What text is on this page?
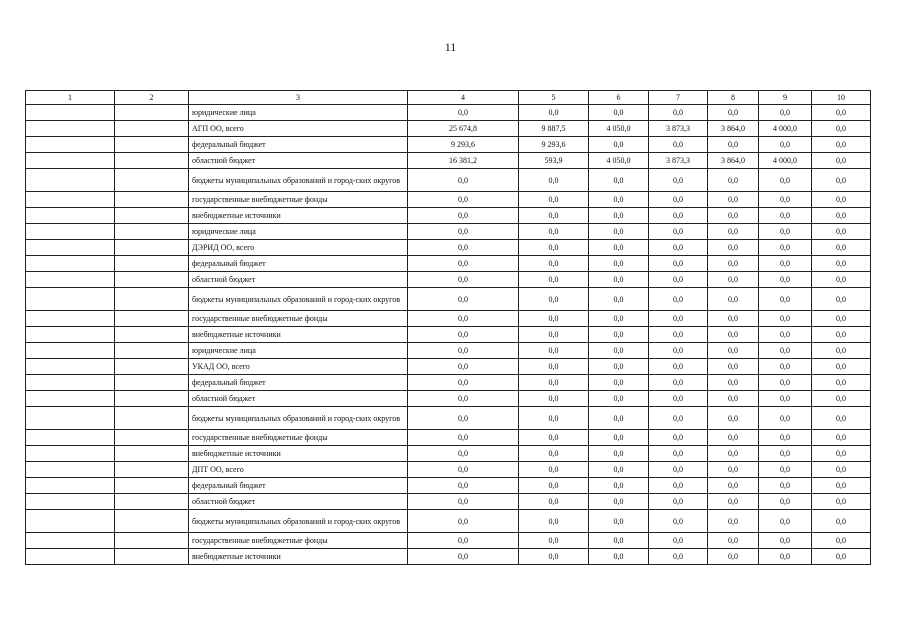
11
1	2	3	4	5	6	7	8	9	10
		юридические лица	0,0	0,0	0,0	0,0	0,0	0,0	0,0
		АГП ОО, всего	25 674,8	9 887,5	4 050,0	3 873,3	3 864,0	4 000,0	0,0
		федеральный бюджет	9 293,6	9 293,6	0,0	0,0	0,0	0,0	0,0
		областной бюджет	16 381,2	593,9	4 050,0	3 873,3	3 864,0	4 000,0	0,0
		бюджеты муниципальных образований и город-ских округов	0,0	0,0	0,0	0,0	0,0	0,0	0,0
		государственные внебюджетные фонды	0,0	0,0	0,0	0,0	0,0	0,0	0,0
		внебюджетные источники	0,0	0,0	0,0	0,0	0,0	0,0	0,0
		юридические лица	0,0	0,0	0,0	0,0	0,0	0,0	0,0
		ДЭРИД ОО, всего	0,0	0,0	0,0	0,0	0,0	0,0	0,0
		федеральный бюджет	0,0	0,0	0,0	0,0	0,0	0,0	0,0
		областной бюджет	0,0	0,0	0,0	0,0	0,0	0,0	0,0
		бюджеты муниципальных образований и город-ских округов	0,0	0,0	0,0	0,0	0,0	0,0	0,0
		государственные внебюджетные фонды	0,0	0,0	0,0	0,0	0,0	0,0	0,0
		внебюджетные источники	0,0	0,0	0,0	0,0	0,0	0,0	0,0
		юридические лица	0,0	0,0	0,0	0,0	0,0	0,0	0,0
		УКАД ОО, всего	0,0	0,0	0,0	0,0	0,0	0,0	0,0
		федеральный бюджет	0,0	0,0	0,0	0,0	0,0	0,0	0,0
		областной бюджет	0,0	0,0	0,0	0,0	0,0	0,0	0,0
		бюджеты муниципальных образований и город-ских округов	0,0	0,0	0,0	0,0	0,0	0,0	0,0
		государственные внебюджетные фонды	0,0	0,0	0,0	0,0	0,0	0,0	0,0
		внебюджетные источники	0,0	0,0	0,0	0,0	0,0	0,0	0,0
		ДПТ ОО, всего	0,0	0,0	0,0	0,0	0,0	0,0	0,0
		федеральный бюджет	0,0	0,0	0,0	0,0	0,0	0,0	0,0
		областной бюджет	0,0	0,0	0,0	0,0	0,0	0,0	0,0
		бюджеты муниципальных образований и город-ских округов	0,0	0,0	0,0	0,0	0,0	0,0	0,0
		государственные внебюджетные фонды	0,0	0,0	0,0	0,0	0,0	0,0	0,0
		внебюджетные источники	0,0	0,0	0,0	0,0	0,0	0,0	0,0
